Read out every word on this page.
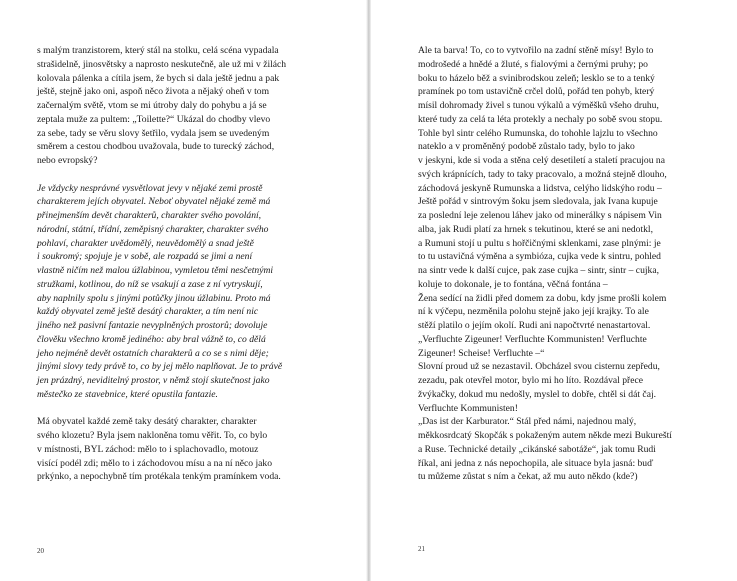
s malým tranzistorem, který stál na stolku, celá scéna vypadala

strašidelně, jinosvětsky a naprosto neskutečně, ale už mi v žilách

kolovala pálenka a cítila jsem, že bych si dala ještě jednu a pak

ještě, stejně jako oni, aspoň něco života a nějaký oheň v tom

začernalým světě, vtom se mi útroby daly do pohybu a já se

zeptala muže za pultem: „Toilette?“ Ukázal do chodby vlevo

za sebe, tady se věru slovy šetřilo, vydala jsem se uvedeným

směrem a cestou chodbou uvažovala, bude to turecký záchod,

nebo evropský?

Je vždycky nesprávné vysvětlovat jevy v nějaké zemi prostě

charakterem jejích obyvatel. Neboť obyvatel nějaké země má

přinejmenším devět charakterů, charakter svého povolání,

národní, státní, třídní, zeměpisný charakter, charakter svého

pohlaví, charakter uvědomělý, neuvědomělý a snad ještě

i soukromý; spojuje je v sobě, ale rozpadá se jimi a není

vlastně ničím než malou úžlabinou, vymletou těmi nesčetnými

stružkami, kotlinou, do níž se vsakují a zase z ní vytryskují,

aby naplnily spolu s jinými potůčky jinou úžlabinu. Proto má

každý obyvatel země ještě desátý charakter, a tím není nic

jiného než pasivní fantazie nevyplněných prostorů; dovoluje

člověku všechno kromě jediného: aby bral vážně to, co dělá

jeho nejméně devět ostatních charakterů a co se s nimi děje;

jinými slovy tedy právě to, co by jej mělo naplňovat. Je to právě

jen prázdný, neviditelný prostor, v němž stojí skutečnost jako

městečko ze stavebnice, které opustila fantazie.

Má obyvatel každé země taky desátý charakter, charakter

svého klozetu? Byla jsem nakloněna tomu věřit. To, co bylo

v místnosti, BYL záchod: mělo to i splachovadlo, motouz

visící podél zdi; mělo to i záchodovou mísu a na ní něco jako

prkýnko, a nepochybně tím protékala tenkým pramínkem voda.

20	21

Ale ta barva! To, co to vytvořilo na zadní stěně mísy! Bylo to

modrošedé a hnědé a žluté, s fialovými a černými pruhy; po

boku to házelo běž a svinibrodskou zeleň; lesklo se to a tenký

pramínek po tom ustavičně crčel dolů, pořád ten pohyb, který

mísil dohromady živel s tunou výkalů a výměšků všeho druhu,

které tudy za celá ta léta protekly a nechaly po sobě svou stopu.

Tohle byl sintr celého Rumunska, do tohohle lajzlu to všechno

nateklo a v proměněný podobě zůstalo tady, bylo to jako

v jeskyni, kde si voda a stěna celý desetiletí a staletí pracujou na

svých krápnících, tady to taky pracovalo, a možná stejně dlouho,

záchodová jeskyně Rumunska a lidstva, celýho lidskýho rodu –

Ještě pořád v sintrovým šoku jsem sledovala, jak Ivana kupuje

za poslední leje zelenou láhev jako od minerálky s nápisem Vin

alba, jak Rudi platí za hrnek s tekutinou, které se ani nedotkl,

a Rumuni stojí u pultu s hořčičnými sklenkami, zase plnými: je

to tu ustavičná výměna a symbióza, cujka vede k sintru, pohled

na sintr vede k další cujce, pak zase cujka – sintr, sintr – cujka,

koluje to dokonale, je to fontána, věčná fontána –

Žena sedící na židli před domem za dobu, kdy jsme prošli kolem

ní k výčepu, nezměnila polohu stejně jako její krajky. To ale

stěží platilo o jejím okolí. Rudi ani napočtvrté nenastartoval.

„Verfluchte Zigeuner! Verfluchte Kommunisten! Verfluchte

Zigeuner! Scheise! Verfluchte –“

Slovní proud už se nezastavil. Obcházel svou cisternu zepředu,

zezadu, pak otevřel motor, bylo mi ho líto. Rozdával přece

žvýkačky, dokud mu nedošly, myslel to dobře, chtěl si dát čaj.

Verfluchte Kommunisten!

„Das ist der Karburator.“ Stál před námi, najednou malý,

měkkosrdcatý Skopčák s pokaženým autem někde mezi Bukureští

a Ruse. Technické detaily „cikánské sabotáže“, jak tomu Rudi

říkal, ani jedna z nás nepochopila, ale situace byla jasná: buď

tu můžeme zůstat s ním a čekat, až mu auto někdo (kde?)
